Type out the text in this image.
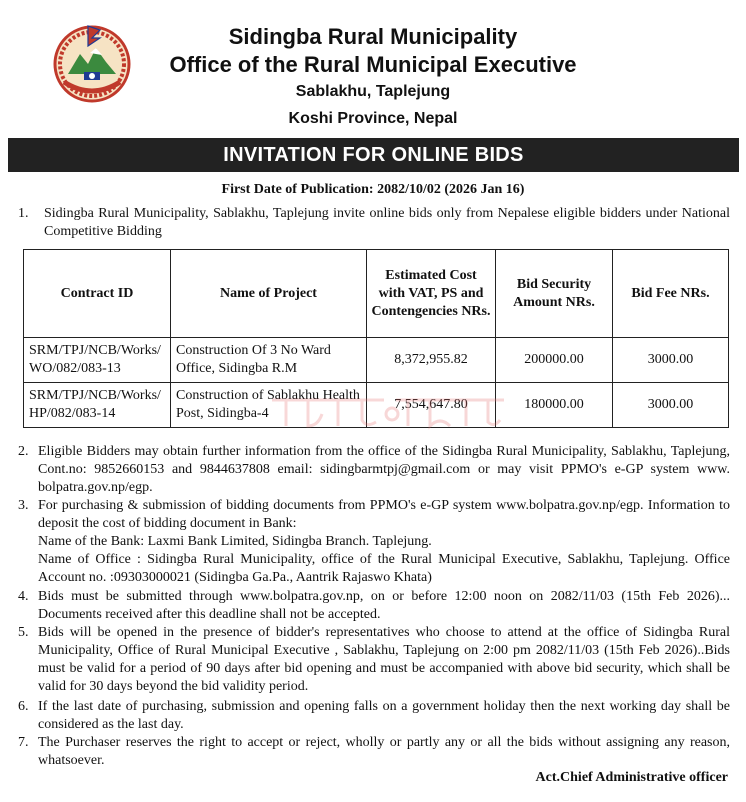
Sidingba Rural Municipality
Office of the Rural Municipal Executive
Sablakhu, Taplejung
Koshi Province, Nepal
INVITATION FOR ONLINE BIDS
First Date of Publication: 2082/10/02 (2026 Jan 16)
1. Sidingba Rural Municipality, Sablakhu, Taplejung invite online bids only from Nepalese eligible bidders under National Competitive Bidding
Contract ID	Name of Project	Estimated Cost with VAT, PS and Contengencies NRs.	Bid Security Amount NRs.	Bid Fee NRs.
SRM/TPJ/NCB/Works/ WO/082/083-13	Construction Of 3 No Ward Office, Sidingba R.M	8,372,955.82	200000.00	3000.00
SRM/TPJ/NCB/Works/ HP/082/083-14	Construction of Sablakhu Health Post, Sidingba-4	7,554,647.80	180000.00	3000.00
2. Eligible Bidders may obtain further information from the office of the Sidingba Rural Municipality, Sablakhu, Taplejung, Cont.no: 9852660153 and 9844637808 email: sidingbarmtpj@gmail.com or may visit PPMO's e-GP system www. bolpatra.gov.np/egp.
3. For purchasing & submission of bidding documents from PPMO's e-GP system www.bolpatra.gov.np/egp. Information to deposit the cost of bidding document in Bank:
Name of the Bank: Laxmi Bank Limited, Sidingba Branch. Taplejung.
Name of Office : Sidingba Rural Municipality, office of the Rural Municipal Executive, Sablakhu, Taplejung. Office Account no. :09303000021 (Sidingba Ga.Pa., Aantrik Rajaswo Khata)
4. Bids must be submitted through www.bolpatra.gov.np, on or before 12:00 noon on 2082/11/03 (15th Feb 2026)... Documents received after this deadline shall not be accepted.
5. Bids will be opened in the presence of bidder's representatives who choose to attend at the office of Sidingba Rural Municipality, Office of Rural Municipal Executive , Sablakhu, Taplejung on 2:00 pm 2082/11/03 (15th Feb 2026)..Bids must be valid for a period of 90 days after bid opening and must be accompanied with above bid security, which shall be valid for 30 days beyond the bid validity period.
6. If the last date of purchasing, submission and opening falls on a government holiday then the next working day shall be considered as the last day.
7. The Purchaser reserves the right to accept or reject, wholly or partly any or all the bids without assigning any reason, whatsoever.
Act.Chief Administrative officer
